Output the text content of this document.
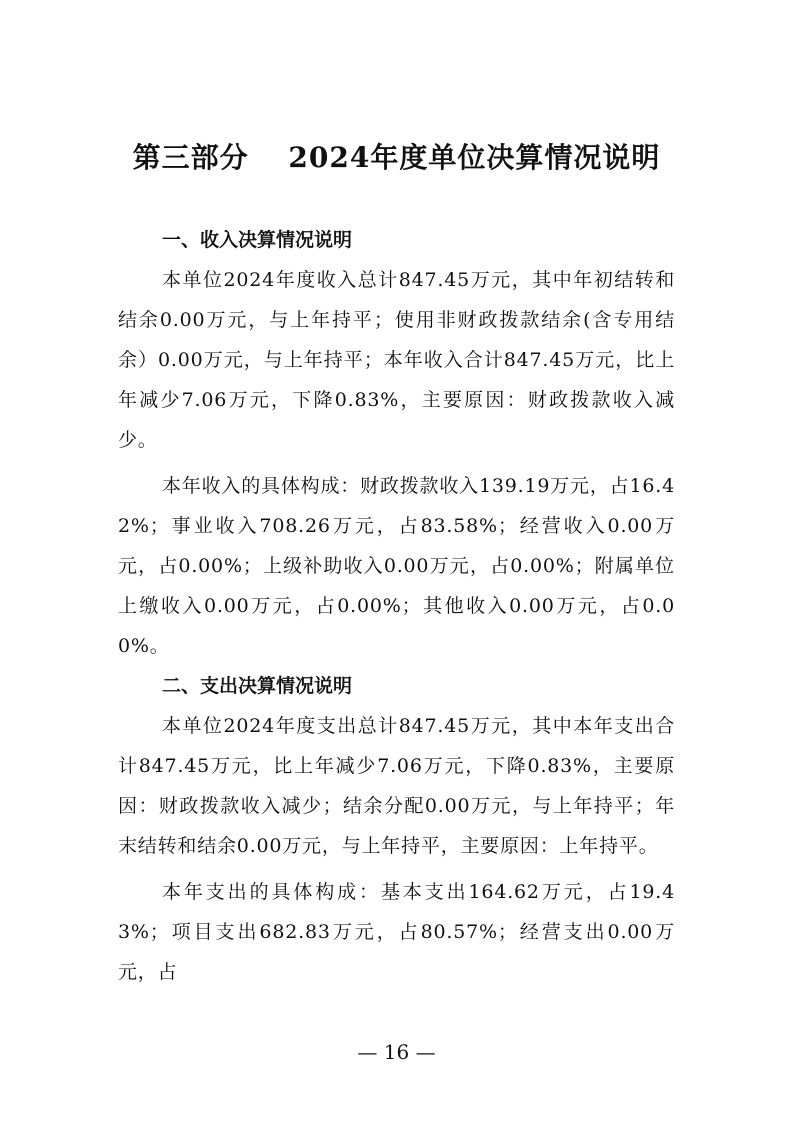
第三部分　 2024年度单位决算情况说明

一、收入决算情况说明

本单位2024年度收入总计847.45万元，其中年初结转和结余0.00万元，与上年持平；使用非财政拨款结余(含专用结余）0.00万元，与上年持平；本年收入合计847.45万元，比上年减少7.06万元，下降0.83%，主要原因：财政拨款收入减少。

本年收入的具体构成：财政拨款收入139.19万元，占16.42%；事业收入708.26万元，占83.58%；经营收入0.00万元，占0.00%；上级补助收入0.00万元，占0.00%；附属单位上缴收入0.00万元，占0.00%；其他收入0.00万元，占0.00%。

二、支出决算情况说明

本单位2024年度支出总计847.45万元，其中本年支出合计847.45万元，比上年减少7.06万元，下降0.83%，主要原因：财政拨款收入减少；结余分配0.00万元，与上年持平；年末结转和结余0.00万元，与上年持平，主要原因：上年持平。

本年支出的具体构成：基本支出164.62万元，占19.43%；项目支出682.83万元，占80.57%；经营支出0.00万元，占

— 16 —
